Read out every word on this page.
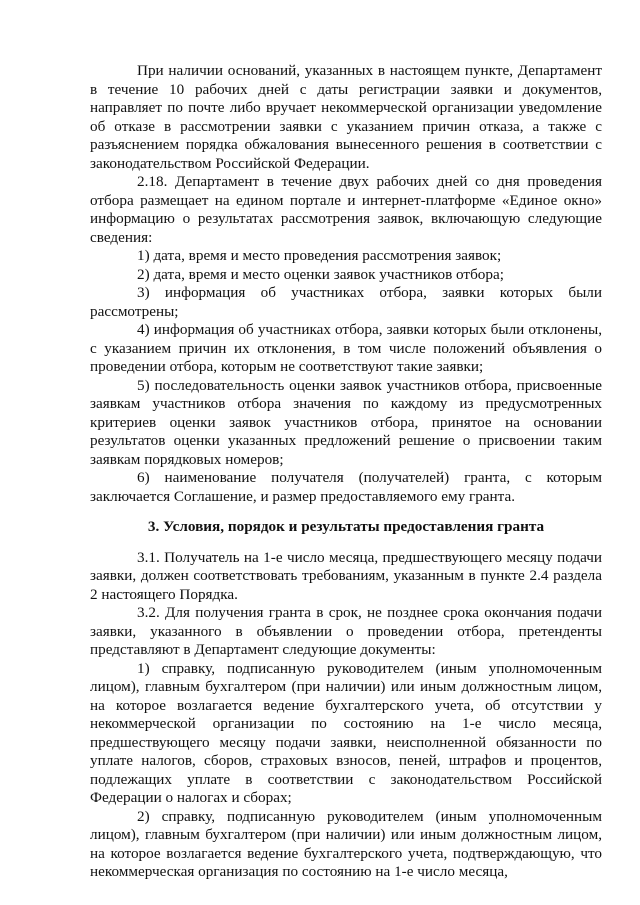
При наличии оснований, указанных в настоящем пункте, Департамент в течение 10 рабочих дней с даты регистрации заявки и документов, направляет по почте либо вручает некоммерческой организации уведомление об отказе в рассмотрении заявки с указанием причин отказа, а также с разъяснением порядка обжалования вынесенного решения в соответствии с законодательством Российской Федерации.

2.18. Департамент в течение двух рабочих дней со дня проведения отбора размещает на едином портале и интернет-платформе «Единое окно» информацию о результатах рассмотрения заявок, включающую следующие сведения:

1) дата, время и место проведения рассмотрения заявок;

2) дата, время и место оценки заявок участников отбора;

3) информация об участниках отбора, заявки которых были рассмотрены;

4) информация об участниках отбора, заявки которых были отклонены, с указанием причин их отклонения, в том числе положений объявления о проведении отбора, которым не соответствуют такие заявки;

5) последовательность оценки заявок участников отбора, присвоенные заявкам участников отбора значения по каждому из предусмотренных критериев оценки заявок участников отбора, принятое на основании результатов оценки указанных предложений решение о присвоении таким заявкам порядковых номеров;

6) наименование получателя (получателей) гранта, с которым заключается Соглашение, и размер предоставляемого ему гранта.

3. Условия, порядок и результаты предоставления гранта

3.1. Получатель на 1-е число месяца, предшествующего месяцу подачи заявки, должен соответствовать требованиям, указанным в пункте 2.4 раздела 2 настоящего Порядка.

3.2. Для получения гранта в срок, не позднее срока окончания подачи заявки, указанного в объявлении о проведении отбора, претенденты представляют в Департамент следующие документы:

1) справку, подписанную руководителем (иным уполномоченным лицом), главным бухгалтером (при наличии) или иным должностным лицом, на которое возлагается ведение бухгалтерского учета, об отсутствии у некоммерческой организации по состоянию на 1-е число месяца, предшествующего месяцу подачи заявки, неисполненной обязанности по уплате налогов, сборов, страховых взносов, пеней, штрафов и процентов, подлежащих уплате в соответствии с законодательством Российской Федерации о налогах и сборах;

2) справку, подписанную руководителем (иным уполномоченным лицом), главным бухгалтером (при наличии) или иным должностным лицом, на которое возлагается ведение бухгалтерского учета, подтверждающую, что некоммерческая организация по состоянию на 1-е число месяца,
